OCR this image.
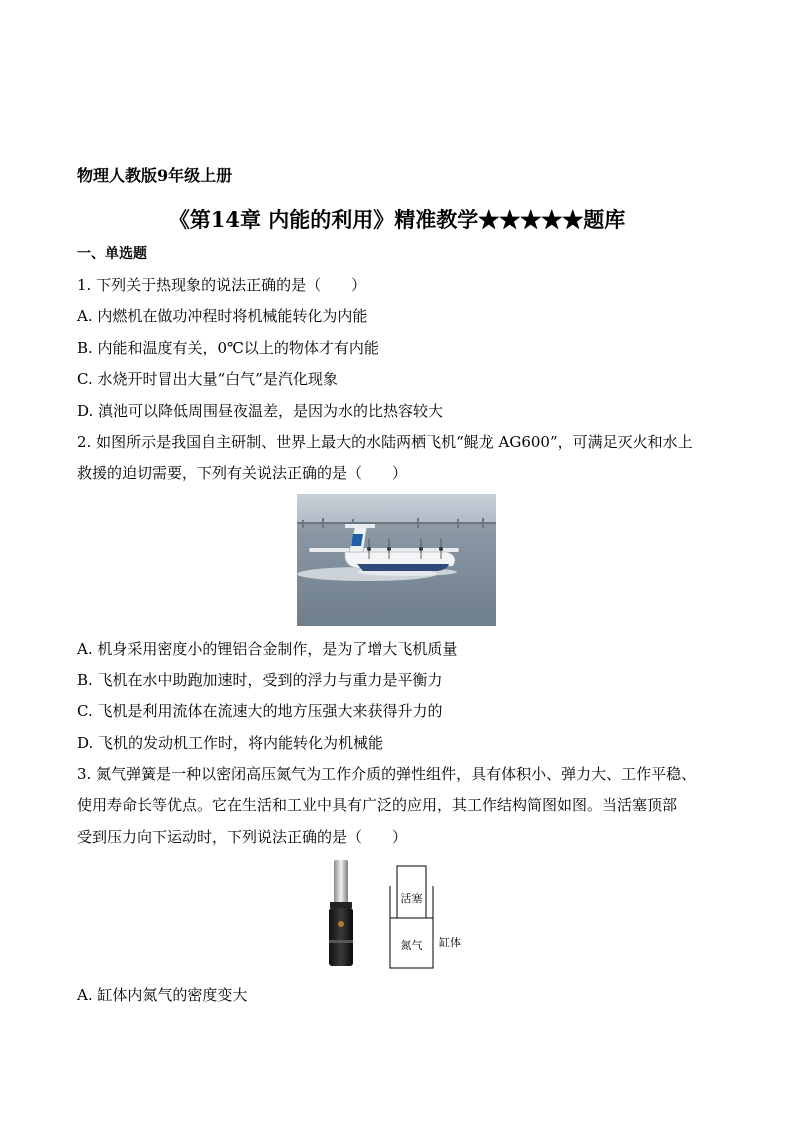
物理人教版9年级上册
《第14章 内能的利用》精准教学★★★★★题库
一、单选题
1. 下列关于热现象的说法正确的是（　　）
A. 内燃机在做功冲程时将机械能转化为内能
B. 内能和温度有关，0℃以上的物体才有内能
C. 水烧开时冒出大量“白气”是汽化现象
D. 滇池可以降低周围昼夜温差，是因为水的比热容较大
2. 如图所示是我国自主研制、世界上最大的水陆两栖飞机“鲲龙 AG600”，可满足灭火和水上
救援的迫切需要，下列有关说法正确的是（　　）
A. 机身采用密度小的锂铝合金制作，是为了增大飞机质量
B. 飞机在水中助跑加速时，受到的浮力与重力是平衡力
C. 飞机是利用流体在流速大的地方压强大来获得升力的
D. 飞机的发动机工作时，将内能转化为机械能
3. 氮气弹簧是一种以密闭高压氮气为工作介质的弹性组件，具有体积小、弹力大、工作平稳、
使用寿命长等优点。它在生活和工业中具有广泛的应用，其工作结构简图如图。当活塞顶部
受到压力向下运动时，下列说法正确的是（　　）
活塞
氮气 缸体
A. 缸体内氮气的密度变大
